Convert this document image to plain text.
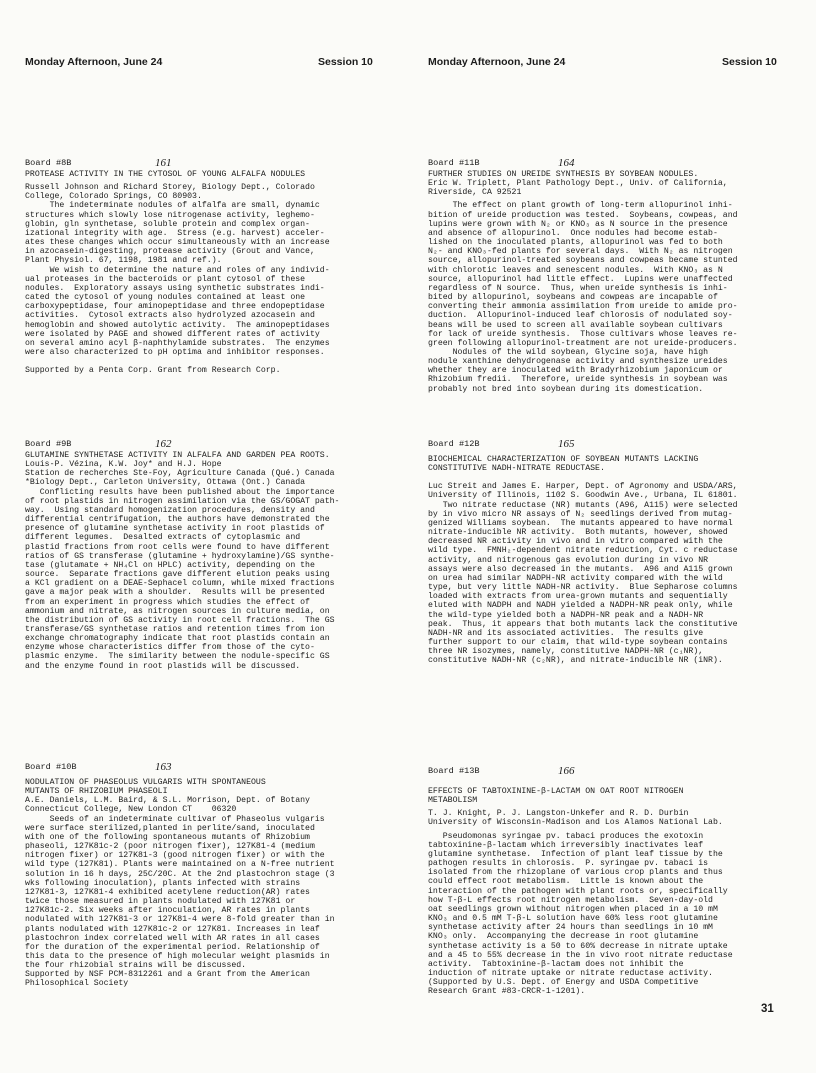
Monday Afternoon, June 24	Session 10	Monday Afternoon, June 24	Session 10
Board #8B	161

PROTEASE ACTIVITY IN THE CYTOSOL OF YOUNG ALFALFA NODULES

Russell Johnson and Richard Storey, Biology Dept., Colorado

College, Colorado Springs, CO 80903.

The indeterminate nodules of alfalfa are small, dynamic

structures which slowly lose nitrogenase activity, leghemo-

globin, gln synthetase, soluble protein and complex organ-

izational integrity with age.  Stress (e.g. harvest) acceler-

ates these changes which occur simultaneously with an increase

in azocasein-digesting, protease activity (Grout and Vance,

Plant Physiol. 67, 1198, 1981 and ref.).

We wish to determine the nature and roles of any individ-

ual proteases in the bacteroids or plant cytosol of these

nodules.  Exploratory assays using synthetic substrates indi-

cated the cytosol of young nodules contained at least one

carboxypeptidase, four aminopeptidase and three endopeptidase

activities.  Cytosol extracts also hydrolyzed azocasein and

hemoglobin and showed autolytic activity.  The aminopeptidases

were isolated by PAGE and showed different rates of activity

on several amino acyl β-naphthylamide substrates.  The enzymes

were also characterized to pH optima and inhibitor responses.

Supported by a Penta Corp. Grant from Research Corp.

Board #9B	162

GLUTAMINE SYNTHETASE ACTIVITY IN ALFALFA AND GARDEN PEA ROOTS.

Louis-P. Vézina, K.W. Joy* and H.J. Hope

Station de recherches Ste-Foy, Agriculture Canada (Qué.) Canada

*Biology Dept., Carleton University, Ottawa (Ont.) Canada

Conflicting results have been published about the importance

of root plastids in nitrogen assimilation via the GS/GOGAT path-

way.  Using standard homogenization procedures, density and

differential centrifugation, the authors have demonstrated the

presence of glutamine synthetase activity in root plastids of

different legumes.  Desalted extracts of cytoplasmic and

plastid fractions from root cells were found to have different

ratios of GS transferase (glutamine + hydroxylamine)/GS synthe-

tase (glutamate + NH₄Cl on HPLC) activity, depending on the

source.  Separate fractions gave different elution peaks using

a KCl gradient on a DEAE-Sephacel column, while mixed fractions

gave a major peak with a shoulder.  Results will be presented

from an experiment in progress which studies the effect of

ammonium and nitrate, as nitrogen sources in culture media, on

the distribution of GS activity in root cell fractions.  The GS

transferase/GS synthetase ratios and retention times from ion

exchange chromatography indicate that root plastids contain an

enzyme whose characteristics differ from those of the cyto-

plasmic enzyme.  The similarity between the nodule-specific GS

and the enzyme found in root plastids will be discussed.

Board #10B	163

NODULATION OF PHASEOLUS VULGARIS WITH SPONTANEOUS

MUTANTS OF RHIZOBIUM PHASEOLI

A.E. Daniels, L.M. Baird, & S.L. Morrison, Dept. of Botany

Connecticut College, New London CT    06320

Seeds of an indeterminate cultivar of Phaseolus vulgaris

were surface sterilized,planted in perlite/sand, inoculated

with one of the following spontaneous mutants of Rhizobium

phaseoli, 127K81c-2 (poor nitrogen fixer), 127K81-4 (medium

nitrogen fixer) or 127K81-3 (good nitrogen fixer) or with the

wild type (127K81). Plants were maintained on a N-free nutrient

solution in 16 h days, 25C/20C. At the 2nd plastochron stage (3

wks following inoculation), plants infected with strains

127K81-3, 127K81-4 exhibited acetylene reduction(AR) rates

twice those measured in plants nodulated with 127K81 or

127K81c-2. Six weeks after inoculation, AR rates in plants

nodulated with 127K81-3 or 127K81-4 were 8-fold greater than in

plants nodulated with 127K81c-2 or 127K81. Increases in leaf

plastochron index correlated well with AR rates in all cases

for the duration of the experimental period. Relationship of

this data to the presence of high molecular weight plasmids in

the four rhizobial strains will be discussed.

Supported by NSF PCM-8312261 and a Grant from the American

Philosophical Society

Board #11B	164

FURTHER STUDIES ON UREIDE SYNTHESIS BY SOYBEAN NODULES.

Eric W. Triplett, Plant Pathology Dept., Univ. of California,

Riverside, CA 92521

The effect on plant growth of long-term allopurinol inhi-

bition of ureide production was tested.  Soybeans, cowpeas, and

lupins were grown with N₂ or KNO₃ as N source in the presence

and absence of allopurinol.  Once nodules had become estab-

lished on the inoculated plants, allopurinol was fed to both

N₂- and KNO₃-fed plants for several days.  With N₂ as nitrogen

source, allopurinol-treated soybeans and cowpeas became stunted

with chlorotic leaves and senescent nodules.  With KNO₃ as N

source, allopurinol had little effect.  Lupins were unaffected

regardless of N source.  Thus, when ureide synthesis is inhi-

bited by allopurinol, soybeans and cowpeas are incapable of

converting their ammonia assimilation from ureide to amide pro-

duction.  Allopurinol-induced leaf chlorosis of nodulated soy-

beans will be used to screen all available soybean cultivars

for lack of ureide synthesis.  Those cultivars whose leaves re-

green following allopurinol-treatment are not ureide-producers.

Nodules of the wild soybean, Glycine soja, have high

nodule xanthine dehydrogenase activity and synthesize ureides

whether they are inoculated with Bradyrhizobium japonicum or

Rhizobium fredii.  Therefore, ureide synthesis in soybean was

probably not bred into soybean during its domestication.

Board #12B	165

BIOCHEMICAL CHARACTERIZATION OF SOYBEAN MUTANTS LACKING

CONSTITUTIVE NADH-NITRATE REDUCTASE.

Luc Streit and James E. Harper, Dept. of Agronomy and USDA/ARS,

University of Illinois, 1102 S. Goodwin Ave., Urbana, IL 61801.

Two nitrate reductase (NR) mutants (A96, A115) were selected

by in vivo micro NR assays of N₂ seedlings derived from mutag-

genized Williams soybean.  The mutants appeared to have normal

nitrate-inducible NR activity.  Both mutants, however, showed

decreased NR activity in vivo and in vitro compared with the

wild type.  FMNH₂-dependent nitrate reduction, Cyt. c reductase

activity, and nitrogenous gas evolution during in vivo NR

assays were also decreased in the mutants.  A96 and A115 grown

on urea had similar NADPH-NR activity compared with the wild

type, but very little NADH-NR activity.  Blue Sepharose columns

loaded with extracts from urea-grown mutants and sequentially

eluted with NADPH and NADH yielded a NADPH-NR peak only, while

the wild-type yielded both a NADPH-NR peak and a NADH-NR

peak.  Thus, it appears that both mutants lack the constitutive

NADH-NR and its associated activities.  The results give

further support to our claim, that wild-type soybean contains

three NR isozymes, namely, constitutive NADPH-NR (c₁NR),

constitutive NADH-NR (c₂NR), and nitrate-inducible NR (iNR).

Board #13B	166

EFFECTS OF TABTOXININE-β-LACTAM ON OAT ROOT NITROGEN

METABOLISM

T. J. Knight, P. J. Langston-Unkefer and R. D. Durbin

University of Wisconsin-Madison and Los Alamos National Lab.

Pseudomonas syringae pv. tabaci produces the exotoxin

tabtoxinine-β-lactam which irreversibly inactivates leaf

glutamine synthetase.  Infection of plant leaf tissue by the

pathogen results in chlorosis.  P. syringae pv. tabaci is

isolated from the rhizoplane of various crop plants and thus

could effect root metabolism.  Little is known about the

interaction of the pathogen with plant roots or, specifically

how T-β-L effects root nitrogen metabolism.  Seven-day-old

oat seedlings grown without nitrogen when placed in a 10 mM

KNO₃ and 0.5 mM T-β-L solution have 60% less root glutamine

synthetase activity after 24 hours than seedlings in 10 mM

KNO₃ only.  Accompanying the decrease in root glutamine

synthetase activity is a 50 to 60% decrease in nitrate uptake

and a 45 to 55% decrease in the in vivo root nitrate reductase

activity.  Tabtoxinine-β-lactam does not inhibit the

induction of nitrate uptake or nitrate reductase activity.

(Supported by U.S. Dept. of Energy and USDA Competitive

Research Grant #83-CRCR-1-1201).

31
